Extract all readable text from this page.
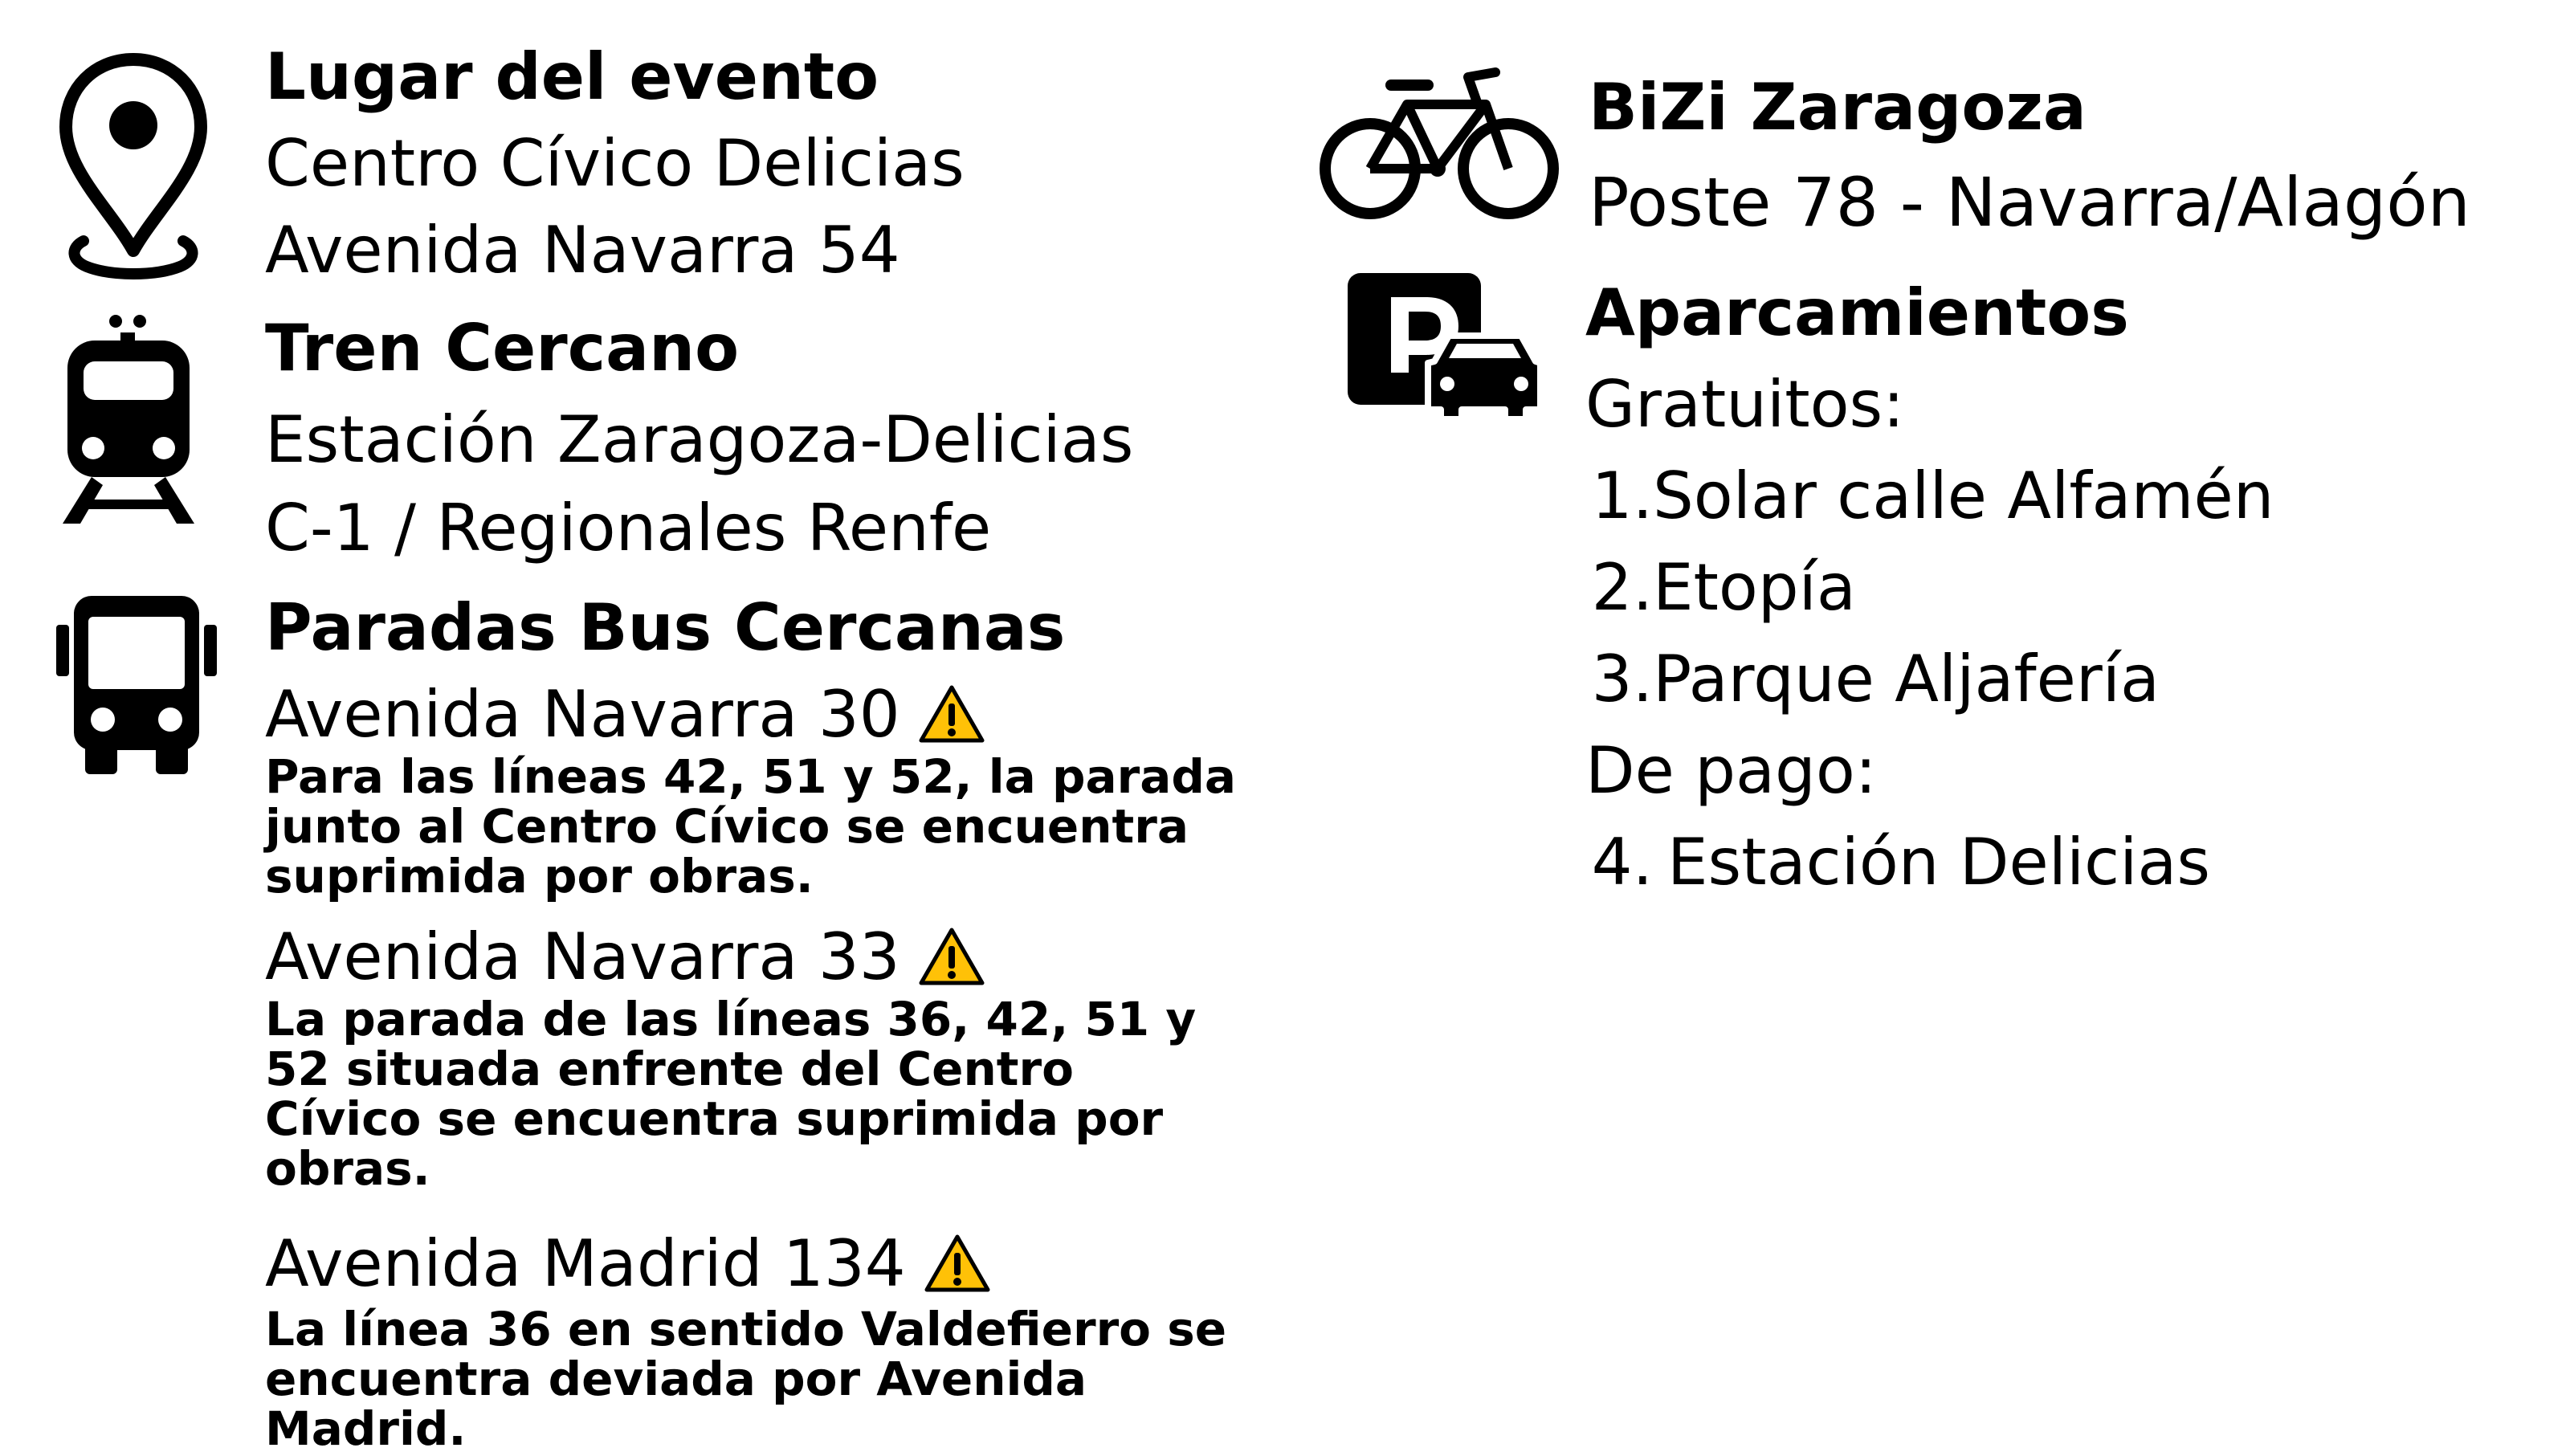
Lugar del evento
Centro Cívico Delicias
Avenida Navarra 54
Tren Cercano
Estación Zaragoza-Delicias
C-1 / Regionales Renfe
Paradas Bus Cercanas
Avenida Navarra 30
Para las líneas 42, 51 y 52, la parada junto al Centro Cívico se encuentra suprimida por obras.
Avenida Navarra 33
La parada de las líneas 36, 42, 51 y 52 situada enfrente del Centro Cívico se encuentra suprimida por obras.
Avenida Madrid 134
La línea 36 en sentido Valdefierro se encuentra deviada por Avenida Madrid.
BiZi Zaragoza
Poste 78 - Navarra/Alagón
Aparcamientos
Gratuitos:
1. Solar calle Alfamén
2. Etopía
3. Parque Aljafería
De pago:
4. Estación Delicias
